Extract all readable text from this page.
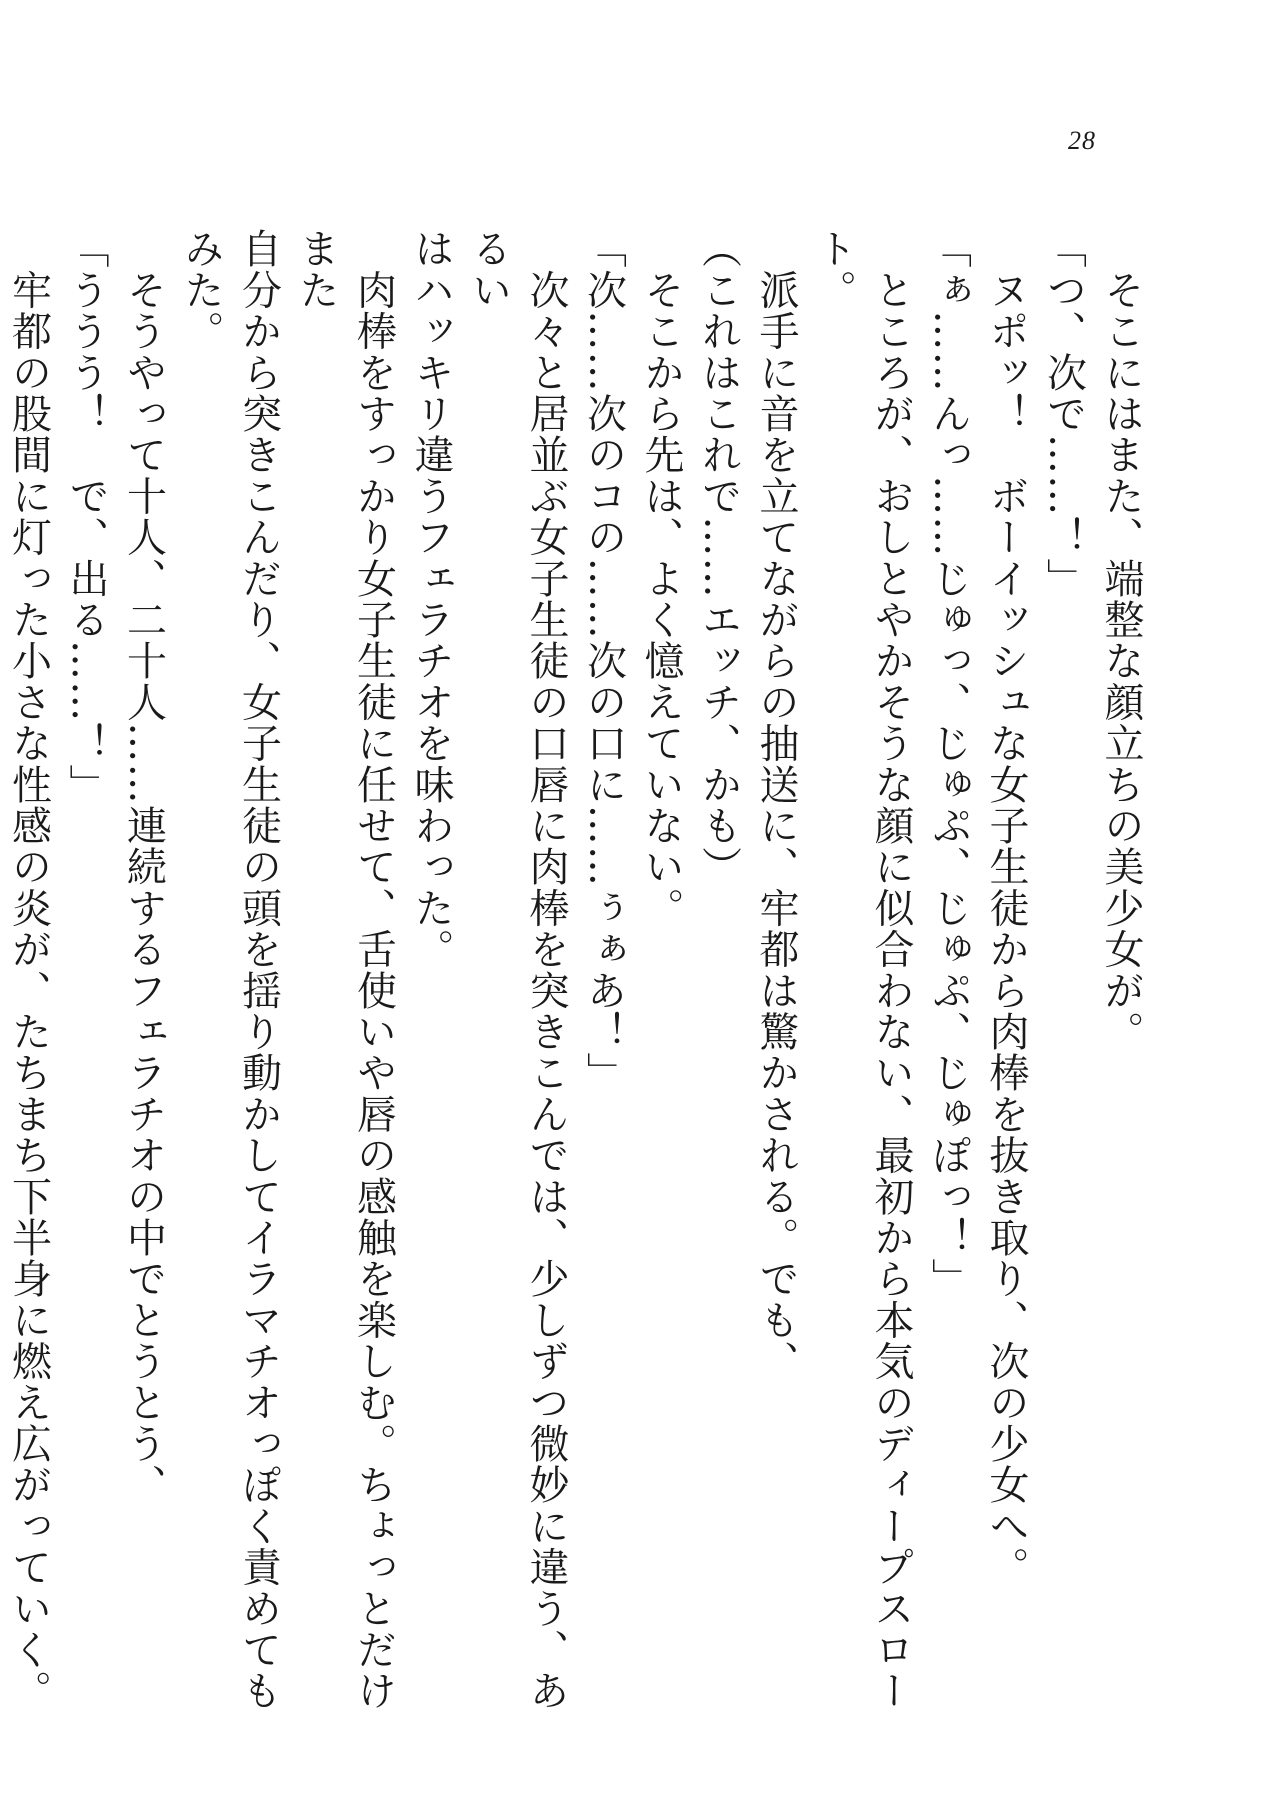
28

　そこにはまた、端整な顔立ちの美少女が。

「つ、次で……！」

　ヌポッ！　ボーイッシュな女子生徒から肉棒を抜き取り、次の少女へ。

「ぁ……んっ……じゅっ、じゅぷ、じゅぷ、じゅぽっ！」

　ところが、おしとやかそうな顔に似合わない、最初から本気のディープスロート。

　派手に音を立てながらの抽送に、牢都は驚かされる。でも、

（これはこれで……エッチ、かも）

　そこから先は、よく憶えていない。

「次……次のコの……次の口に……ぅぁあ！」

　次々と居並ぶ女子生徒の口唇に肉棒を突きこんでは、少しずつ微妙に違う、あるい

はハッキリ違うフェラチオを味わった。

　肉棒をすっかり女子生徒に任せて、舌使いや唇の感触を楽しむ。ちょっとだけまた

自分から突きこんだり、女子生徒の頭を揺り動かしてイラマチオっぽく責めてもみた。

　そうやって十人、二十人……連続するフェラチオの中でとうとう、

「ううう！　で、出る……！」

　牢都の股間に灯った小さな性感の炎が、たちまち下半身に燃え広がっていく。
